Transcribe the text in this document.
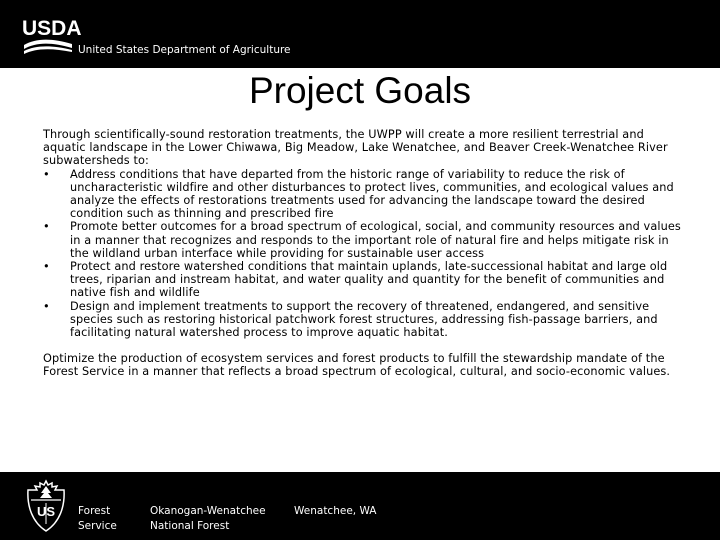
USDA
United States Department of Agriculture
Project Goals
Through scientifically-sound restoration treatments, the UWPP will create a more resilient terrestrial and aquatic landscape in the Lower Chiwawa, Big Meadow, Lake Wenatchee, and Beaver Creek-Wenatchee River subwatersheds to:
• Address conditions that have departed from the historic range of variability to reduce the risk of uncharacteristic wildfire and other disturbances to protect lives, communities, and ecological values and analyze the effects of restorations treatments used for advancing the landscape toward the desired condition such as thinning and prescribed fire
• Promote better outcomes for a broad spectrum of ecological, social, and community resources and values in a manner that recognizes and responds to the important role of natural fire and helps mitigate risk in the wildland urban interface while providing for sustainable user access
• Protect and restore watershed conditions that maintain uplands, late-successional habitat and large old trees, riparian and instream habitat, and water quality and quantity for the benefit of communities and native fish and wildlife
• Design and implement treatments to support the recovery of threatened, endangered, and sensitive species such as restoring historical patchwork forest structures, addressing fish-passage barriers, and facilitating natural watershed process to improve aquatic habitat.
Optimize the production of ecosystem services and forest products to fulfill the stewardship mandate of the Forest Service in a manner that reflects a broad spectrum of ecological, cultural, and socio-economic values.
US Forest
Service
Okanogan-Wenatchee
National Forest
Wenatchee, WA
